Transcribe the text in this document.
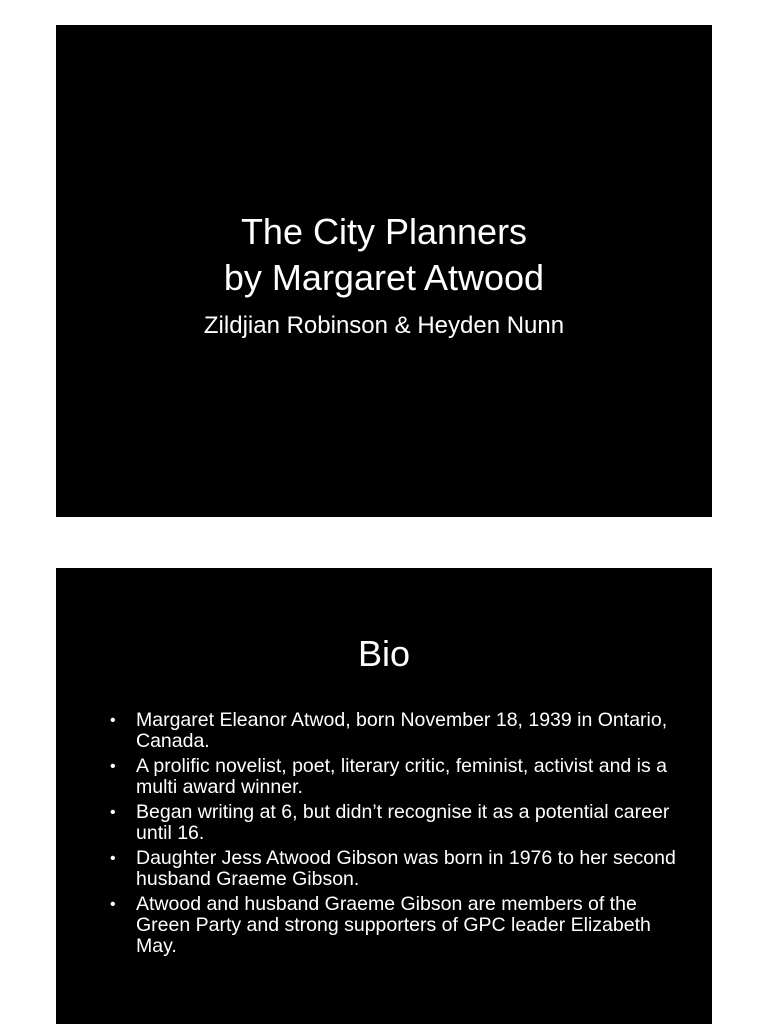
The City Planners
by Margaret Atwood
Zildjian Robinson & Heyden Nunn
Bio
• Margaret Eleanor Atwod, born November 18, 1939 in Ontario, Canada.
• A prolific novelist, poet, literary critic, feminist, activist and is a multi award winner.
• Began writing at 6, but didn’t recognise it as a potential career until 16.
• Daughter Jess Atwood Gibson was born in 1976 to her second husband Graeme Gibson.
• Atwood and husband Graeme Gibson are members of the Green Party and strong supporters of GPC leader Elizabeth May.
